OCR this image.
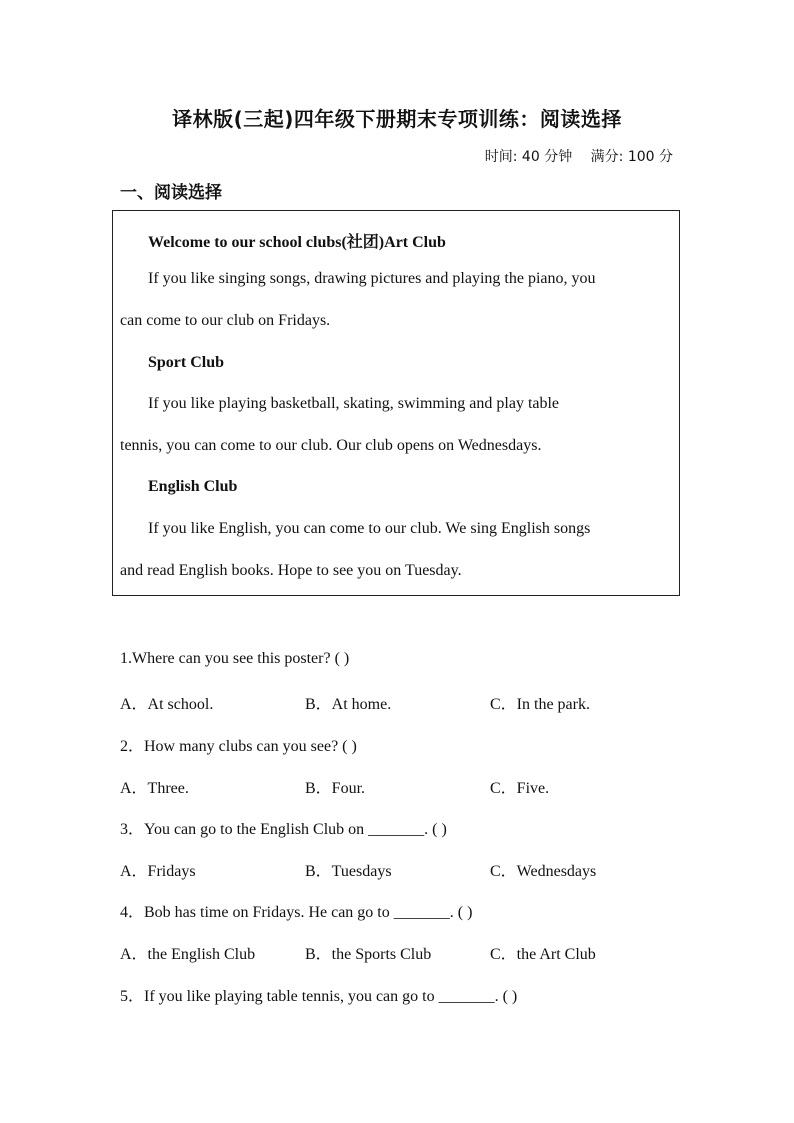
译林版(三起)四年级下册期末专项训练：阅读选择
时间: 40 分钟 满分: 100 分
一、阅读选择
Welcome to our school clubs(社团)Art Club
If you like singing songs, drawing pictures and playing the piano, you
can come to our club on Fridays.
Sport Club
If you like playing basketball, skating, swimming and play table
tennis, you can come to our club. Our club opens on Wednesdays.
English Club
If you like English, you can come to our club. We sing English songs
and read English books. Hope to see you on Tuesday.
1.Where can you see this poster? ( )
A．At school.	B．At home.	C．In the park.
2．How many clubs can you see? ( )
A．Three.	B．Four.	C．Five.
3．You can go to the English Club on _______. ( )
A．Fridays	B．Tuesdays	C．Wednesdays
4．Bob has time on Fridays. He can go to _______. ( )
A．the English Club	B．the Sports Club	C．the Art Club
5．If you like playing table tennis, you can go to _______. ( )
